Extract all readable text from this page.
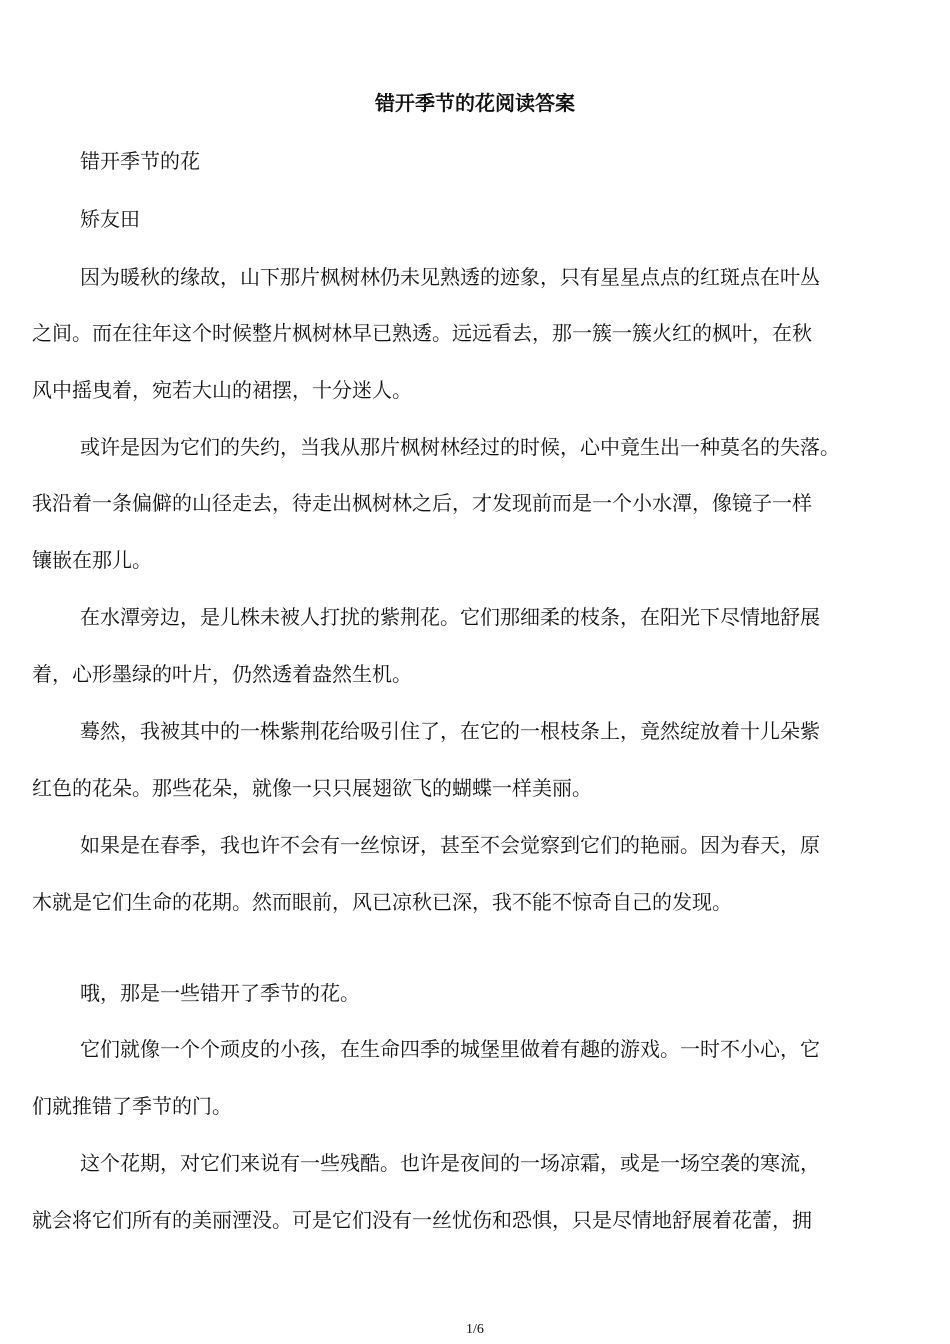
错开季节的花阅读答案

错开季节的花

矫友田

因为暖秋的缘故，山下那片枫树林仍未见熟透的迹象，只有星星点点的红斑点在叶丛

之间。而在往年这个时候整片枫树林早已熟透。远远看去，那一簇一簇火红的枫叶，在秋

风中摇曳着，宛若大山的裙摆，十分迷人。

或许是因为它们的失约，当我从那片枫树林经过的时候，心中竟生出一种莫名的失落。

我沿着一条偏僻的山径走去，待走出枫树林之后，才发现前而是一个小水潭，像镜子一样

镶嵌在那儿。

在水潭旁边，是儿株未被人打扰的紫荆花。它们那细柔的枝条，在阳光下尽情地舒展

着，心形墨绿的叶片，仍然透着盎然生机。

蓦然，我被其中的一株紫荆花给吸引住了，在它的一根枝条上，竟然绽放着十儿朵紫

红色的花朵。那些花朵，就像一只只展翅欲飞的蝴蝶一样美丽。

如果是在春季，我也许不会有一丝惊讶，甚至不会觉察到它们的艳丽。因为春天，原

木就是它们生命的花期。然而眼前，风已凉秋已深，我不能不惊奇自己的发现。

哦，那是一些错开了季节的花。

它们就像一个个顽皮的小孩，在生命四季的城堡里做着有趣的游戏。一时不小心，它

们就推错了季节的门。

这个花期，对它们来说有一些残酷。也许是夜间的一场凉霜，或是一场空袭的寒流，

就会将它们所有的美丽湮没。可是它们没有一丝忧伤和恐惧，只是尽情地舒展着花蕾，拥

1/6
